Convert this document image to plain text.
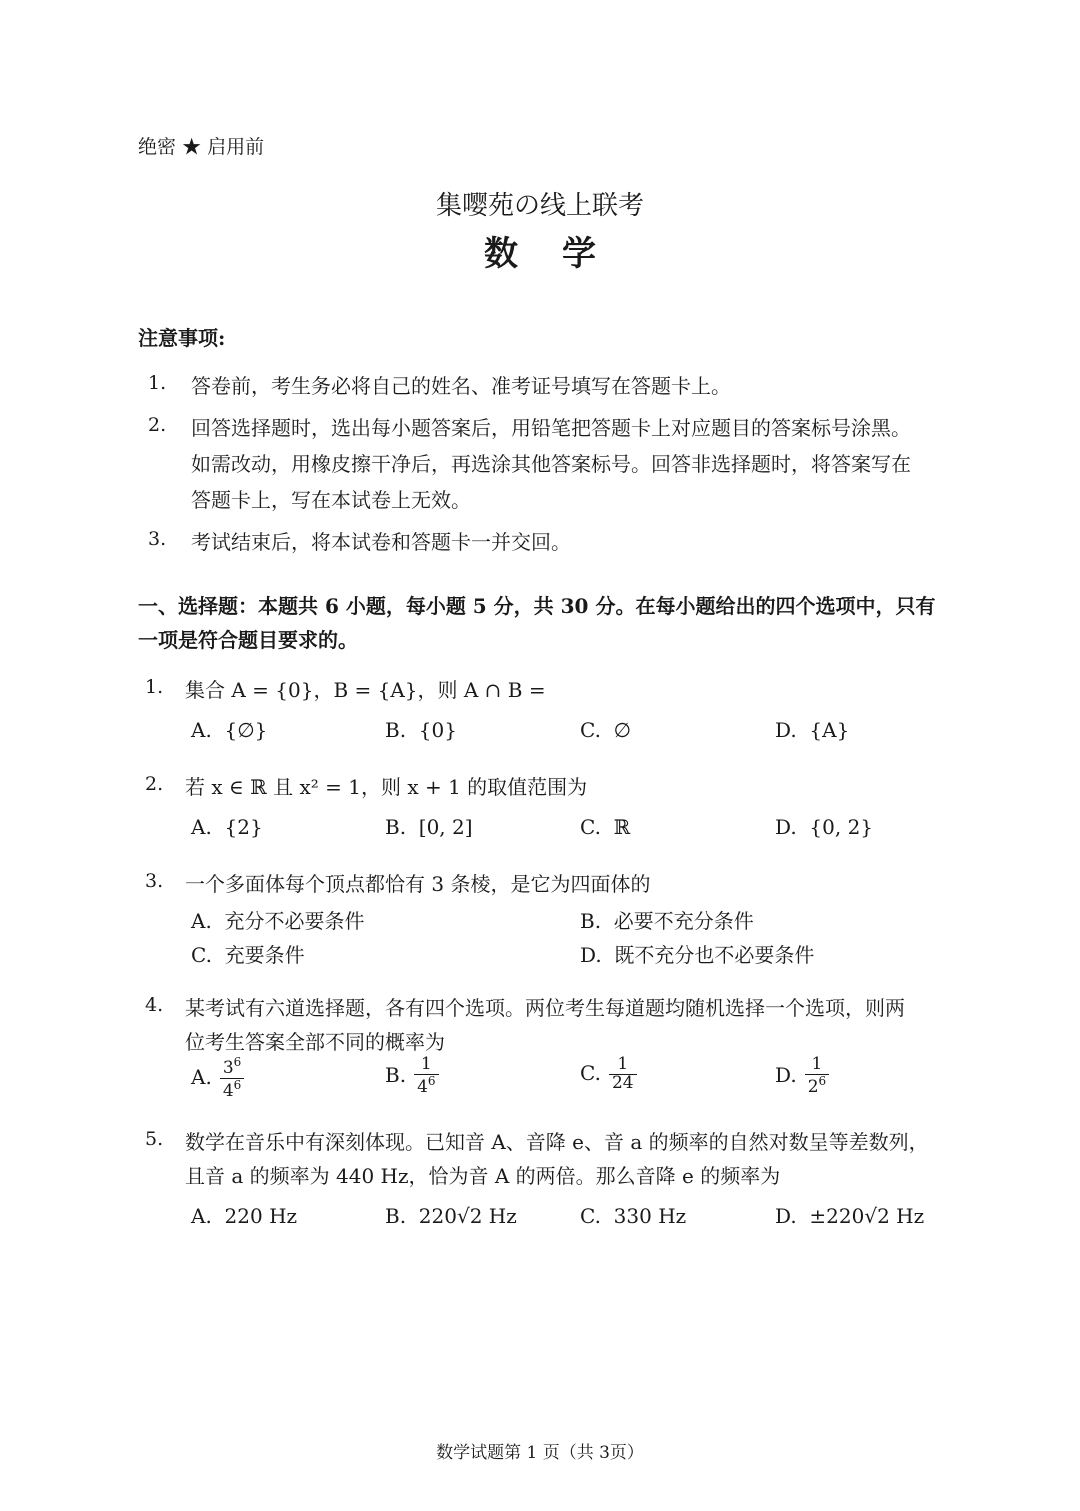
绝密 ★ 启用前
集嘤苑の线上联考
数学
注意事项:
1. 答卷前，考生务必将自己的姓名、准考证号填写在答题卡上。
2. 回答选择题时，选出每小题答案后，用铅笔把答题卡上对应题目的答案标号涂黑。
如需改动，用橡皮擦干净后，再选涂其他答案标号。回答非选择题时，将答案写在
答题卡上，写在本试卷上无效。
3. 考试结束后，将本试卷和答题卡一并交回。
一、选择题：本题共 6 小题，每小题 5 分，共 30 分。在每小题给出的四个选项中，只有
一项是符合题目要求的。
1. 集合 A = {0}，B = {A}，则 A ∩ B =
A. {∅}	B. {0}	C. ∅	D. {A}
2. 若 x ∈ ℝ 且 x² = 1，则 x + 1 的取值范围为
A. {2}	B. [0, 2]	C. ℝ	D. {0, 2}
3. 一个多面体每个顶点都恰有 3 条棱，是它为四面体的
A. 充分不必要条件	B. 必要不充分条件
C. 充要条件	D. 既不充分也不必要条件
4. 某考试有六道选择题，各有四个选项。两位考生每道题均随机选择一个选项，则两
位考生答案全部不同的概率为
A. $\frac{3^6}{4^6}$	B. $\frac{1}{4^6}$	C. $\frac{1}{24}$	D. $\frac{1}{2^6}$
5. 数学在音乐中有深刻体现。已知音 A、音降 e、音 a 的频率的自然对数呈等差数列，
且音 a 的频率为 440 Hz，恰为音 A 的两倍。那么音降 e 的频率为
A. 220 Hz	B. 220√2 Hz	C. 330 Hz	D. ±220√2 Hz
数学试题第 1 页（共 3页）
